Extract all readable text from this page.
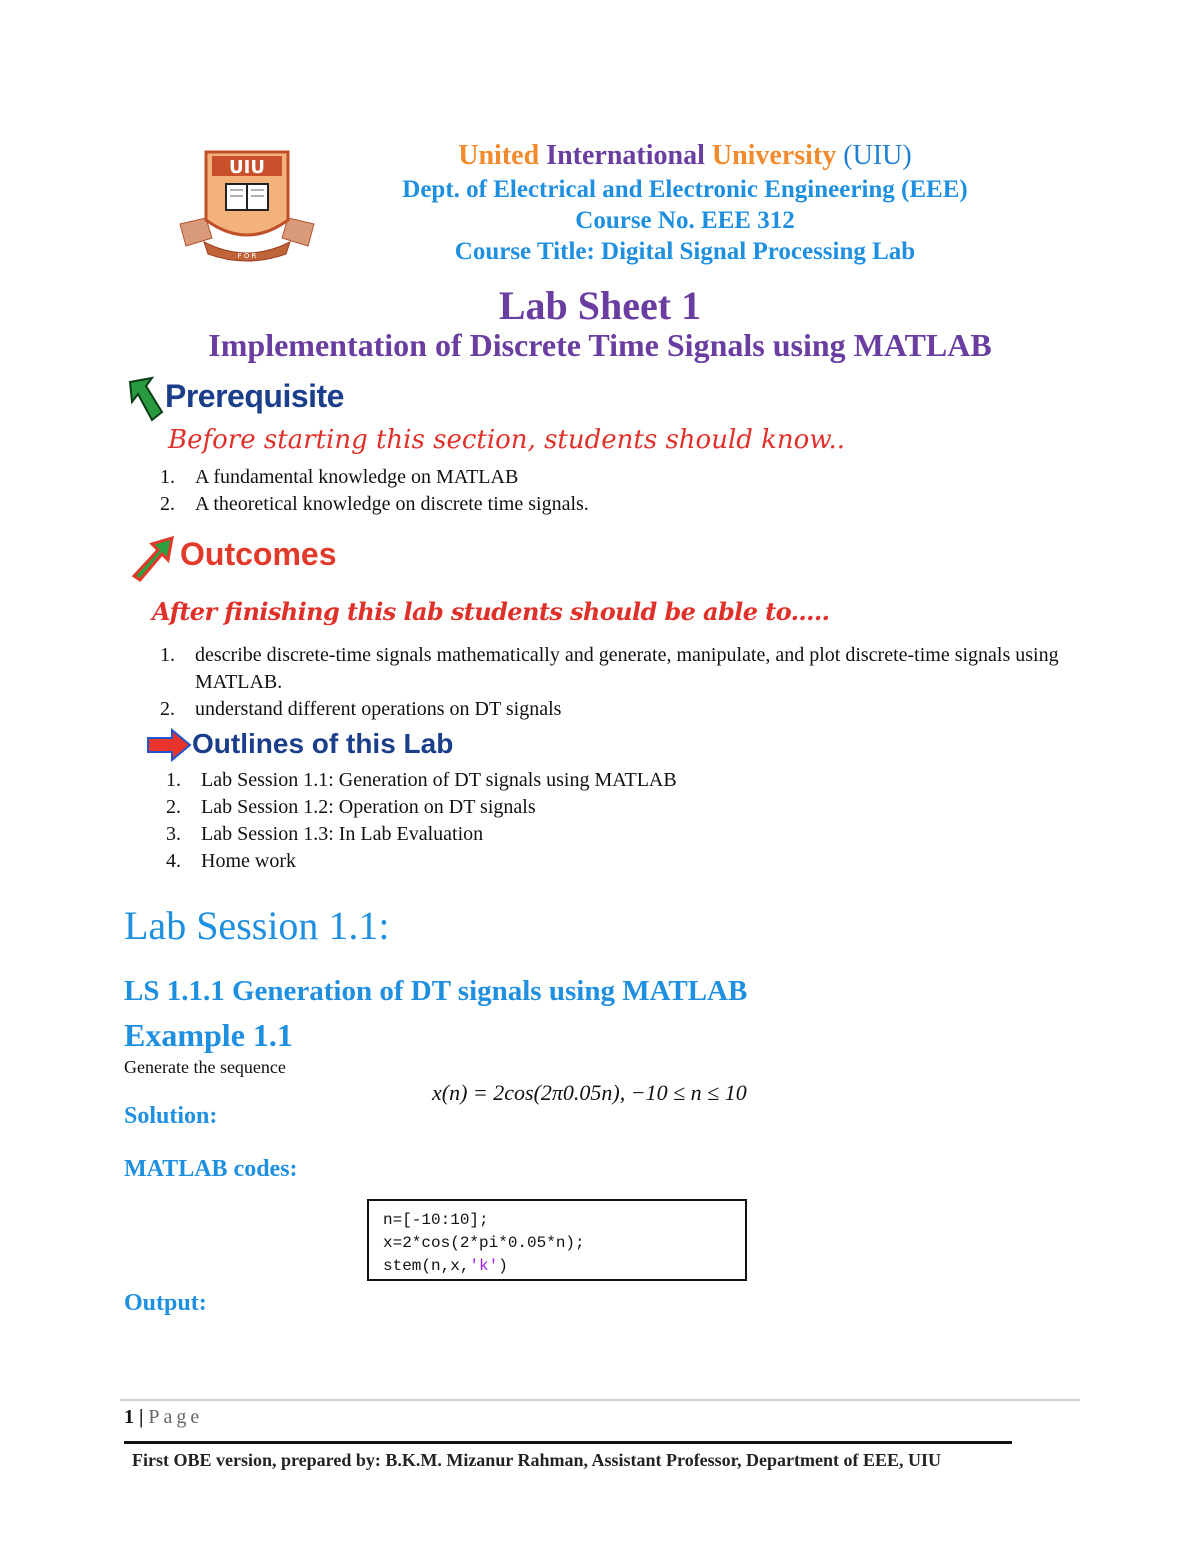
UIU
F O R
United International University (UIU)
Dept. of Electrical and Electronic Engineering (EEE)
Course No. EEE 312
Course Title: Digital Signal Processing Lab
Lab Sheet 1
Implementation of Discrete Time Signals using MATLAB
Prerequisite
Before starting this section, students should know..
1. A fundamental knowledge on MATLAB
2. A theoretical knowledge on discrete time signals.
Outcomes
After finishing this lab students should be able to.....
1. describe discrete-time signals mathematically and generate, manipulate, and plot discrete-time signals using MATLAB.
2. understand different operations on DT signals
Outlines of this Lab
1. Lab Session 1.1: Generation of DT signals using MATLAB
2. Lab Session 1.2: Operation on DT signals
3. Lab Session 1.3: In Lab Evaluation
4. Home work
Lab Session 1.1:
LS 1.1.1 Generation of DT signals using MATLAB
Example 1.1
Generate the sequence
x(n) = 2cos(2π0.05n), −10 ≤ n ≤ 10
Solution:
MATLAB codes:
n=[-10:10];
x=2*cos(2*pi*0.05*n);
stem(n,x,'k')
Output:
1 | Page
First OBE version, prepared by: B.K.M. Mizanur Rahman, Assistant Professor, Department of EEE, UIU
